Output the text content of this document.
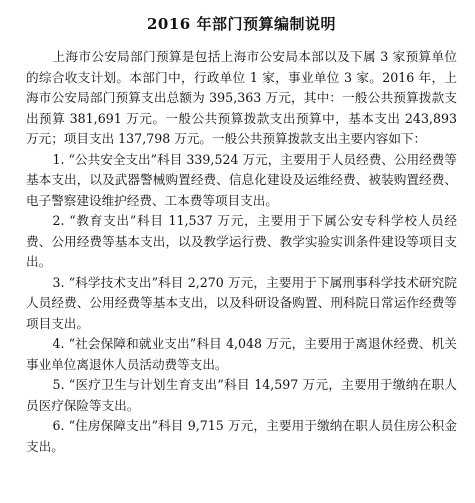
2016 年部门预算编制说明

上海市公安局部门预算是包括上海市公安局本部以及下属 3 家预算单位的综合收支计划。本部门中，行政单位 1 家，事业单位 3 家。2016 年，上海市公安局部门预算支出总额为 395,363 万元，其中：一般公共预算拨款支出预算 381,691 万元。一般公共预算拨款支出预算中，基本支出 243,893 万元；项目支出 137,798 万元。一般公共预算拨款支出主要内容如下：

1. “公共安全支出”科目 339,524 万元，主要用于人员经费、公用经费等基本支出，以及武器警械购置经费、信息化建设及运维经费、被装购置经费、电子警察建设维护经费、工本费等项目支出。

2. “教育支出”科目 11,537 万元，主要用于下属公安专科学校人员经费、公用经费等基本支出，以及教学运行费、教学实验实训条件建设等项目支出。

3. “科学技术支出”科目 2,270 万元，主要用于下属刑事科学技术研究院人员经费、公用经费等基本支出，以及科研设备购置、刑科院日常运作经费等项目支出。

4. “社会保障和就业支出”科目 4,048 万元，主要用于离退休经费、机关事业单位离退休人员活动费等支出。

5. “医疗卫生与计划生育支出”科目 14,597 万元，主要用于缴纳在职人员医疗保险等支出。

6. “住房保障支出”科目 9,715 万元，主要用于缴纳在职人员住房公积金支出。
